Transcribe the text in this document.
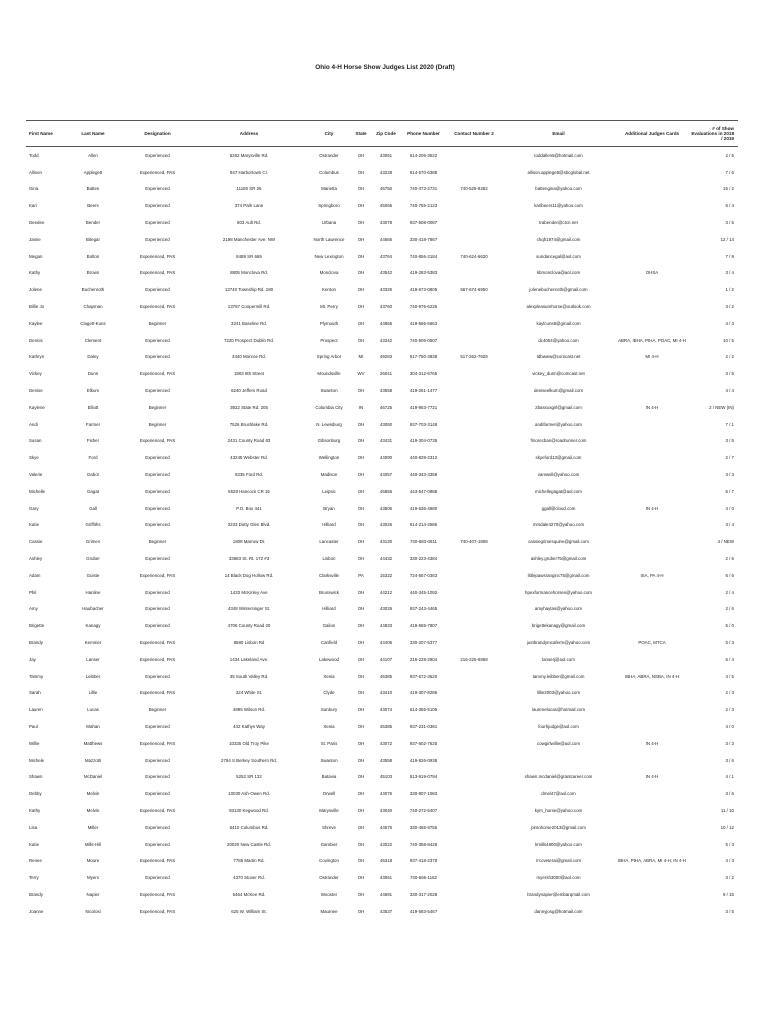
Ohio 4-H Horse Show Judges List 2020 (Draft)
First Name	Last Name	Designation	Address	City	State	Zip Code	Phone Number	Contact Number 2	Email	Additional Judges Cards	# of Show Evaluations in 2018 / 2019
Todd	Allen	Experienced	5262 Marysville Rd.	Ostrander	OH	43061	614-206-3522		toddallen5@hotmail.com		2 / 5
Allison	Applegett	Experienced, PAS	847 Harbortown Cr.	Columbus	OH	43228	614-570-6388		allison.applegett@sbcglobal.net		7 / 6
Gina	Batten	Experienced	11180 SR 26	Marietta	OH	45750	740-473-2731	740-525-8282	battengina@yahoo.com		15 / 2
Kari	Beers	Experienced	374 Park Lane	Springboro	OH	45066	740-755-2123		karibeers11@yahoo.com		6 / 4
Deedee	Bender	Experienced	803 Ault Rd.	Urbana	OH	43078	937-508-0087		trabender@ctcn.net		3 / 5
Jamie	Bitegar	Experienced	2198 Manchester Ave. NW	North Lawrence	OH	44666	330-418-7867		chqh1974@gmail.com		12 / 14
Megan	Bolton	Experienced, PAS	8489 SR 669	New Lexington	OH	43764	740-856-3184	740-624-6620	sundancegal@aol.com		7 / 8
Kathy	Brown	Experienced, PAS	8805 Monclova Rd.	Monclova	OH	43542	419-283-5383		kbmonclova@aol.com	OHSA	3 / 4
Jolene	Buchenroth	Experienced	13740 Township Rd. 180	Kenton	OH	43326	419-673-0805	567-674-6950	jolenebuchenroth@gmail.com		1 / 2
Billie Jo	Chapman	Experienced, PAS	13767 Coopermill Rd.	Mt. Perry	OH	43760	740-975-6226		alexpleasurehorse@outlook.com		3 / 2
Kaylee	Clagett-Kuns	Beginner	3241 Baseline Rd.	Plymouth	OH	44865	419-566-5663		kaylcuns8@gmail.com		4 / 3
Dennis	Clement	Experienced	7220 Prospect Dublin Rd.	Prospect	OH	43342	740-506-0507		dc4054@yahoo.com	ABRA, IBHA, PtHA, POAC, MI 4-H	10 / 5
Kathryn	Daley	Experienced	3440 Monroe Rd.	Spring Arbor	MI	49283	517-750-3938	517-262-7929	tdbwww@comcast.net	MI 4-H	2 / 2
Vickey	Dunn	Experienced, PAS	1903 8th Street	Moundsville	WV	26041	304-312-6765		vickey_dunn@comcast.net		3 / 5
Denise	Elkum	Experienced	6240 Jeffers Road	Swanton	OH	43558	419-261-1477		deniseelkum@gmail.com		4 / 4
Kaylene	Elliott	Beginner	3922 State Rd. 205	Columbia City	IN	46725	419-953-7721		2bassoxgirl@gmail.com	IN 4-H	2 / NEW (IN)
Andi	Farmer	Beginner	7526 Brushlake Rd.	N. Lewisburg	OH	43060	937-703-3148		andifarmer@yahoo.com		7 / 1
Susan	Fisher	Experienced, PAS	2431 County Road 83	Gibsonburg	OH	43431	419-304-0735		fmorecban@roadrunner.com		3 / 5
Skye	Ford	Experienced	43245 Webster Rd.	Wellington	OH	44090	440-829-2312		skyeford13@gmail.com		2 / 7
Valerie	Gabor	Experienced	5335 Ford Rd.	Madison	OH	44057	440-343-3358		vamwsll@yahoo.com		3 / 3
Michelle	Gagat	Experienced	6528 Hancock CR 16	Leipsic	OH	45856	443-547-0888		michellegagat@aol.com		5 / 7
Gary	Gall	Experienced	P.O. Box 441	Bryan	OH	43506	419-636-4980		ggall@cloud.com	IN 4-H	4 / 0
Katie	Griffiths	Experienced	3233 Dutty Glen Blvd.	Hilliard	OH	43026	614-214-2586		mrsdale4270@yahoo.com		3 / 4
Cassie	Grimes	Beginner	1808 Marrow Dr.	Lancaster	OH	43130	740-683-0811	740-407-1808	cassiegrimesquine@gmail.com		4 / NEW
Ashley	Gruber	Experienced	33683 St. Rt. 172 #3	Lisbon	OH	44432	330-223-4384		ashley.gruber75@gmail.com		2 / 6
Adam	Guiste	Experienced, PAS	14 Black Dog Hollow Rd.	Clarksville	PA	15322	724-557-0363		littlepawsranginc75@gmail.com	ISA, PA 4-H	6 / 6
Phil	Hanline	Experienced	1433 McKinley Ave	Brunswick	OH	44212	440-345-1092		hpexformancehorses@yahoo.com		2 / 4
Amy	Haubacher	Experienced	4348 Wintersinger St.	Hilliard	OH	43026	937-243-4465		amyhaytas@yahoo.com		2 / 6
Brigette	Kanagy	Experienced	4706 County Road 20	Galion	OH	44833	419-565-7807		brigettekanagy@gmail.com		5 / 0
Brandy	Kemmer	Experienced, PAS	8580 Lisbon Rd	Canfield	OH	44406	330-207-5377		justbrandymcaferm@yahoo.com	POAC, MTCA	5 / 3
Jay	Lanser	Experienced, PAS	1434 Lakeland Ave.	Lakewood	OH	44107	216-228-2904	216-225-6858	lanserj@aol.com		6 / 4
Tammy	Leibber	Experienced	35 South Valley Rd.	Xenia	OH	45385	937-672-3620		tammy.leibber@gmail.com	IBHA, ABRA, NSBA, IN 4-H	4 / 5
Sarah	Lillie	Experienced, PAS	324 White St.	Clyde	OH	43410	419-307-8286		lillie2003@yahoo.com		2 / 3
Lauren	Lucas	Beginner	4895 Wilson Rd.	Sunbury	OH	43074	614-355-5105		laurenelucas@hotmail.com		2 / 3
Paul	Mahan	Experienced	442 Kathys Way	Xenia	OH	45385	937-231-0381		fourhjudge@aol.com		4 / 0
Willie	Matthews	Experienced, PAS	10335 Old Troy Pike	St. Paris	OH	43072	937-602-7625		cowgirlwillie@aol.com	IN 4-H	3 / 3
Michele	Mazzotti	Experienced	2794 S Berkey Southern Rd.	Swanton	OH	43558	419-826-0938				3 / 6
Shawn	McDaniel	Experienced	5252 SR 132	Batavia	OH	45103	513-919-0794		shawn.mcdaniel@grantcareer.com	IN 4-H	4 / 1
Debby	Melvin	Experienced	10030 Ash-Owen Rd.	Orwell	OH	44076	330-807-1083		dmel47@aol.com		3 / 6
Kathy	Melvin	Experienced, PAS	93130 Kegwood Rd.	Marysville	OH	43040	740-272-5407		kym_horse@yahoo.com		11 / 10
Lisa	Miller	Experienced	6410 Columbus Rd.	Shreve	OH	44676	330-465-9755		pintohorse2013@gmail.com		10 / 12
Katie	Mills-Hill	Experienced	20020 New Castle Rd.	Gambier	OH	43022	740-358-8428		kmills4800@yahoo.com		5 / 3
Renee	Moore	Experienced, PAS	7785 Martin Rd.	Covington	OH	45318	937-418-2378		rrcoveterai@gmail.com	IBHA, PtHA, ABRA, MI 4-H, IN 4-H	4 / 3
Terry	Myers	Experienced	4370 Stover Rd.	Ostrander	OH	43061	740-666-1162		myersh3000@aol.com		3 / 2
Brandy	Napier	Experienced, PAS	5464 McKee Rd.	Wooster	OH	44691	330-317-2028		brandynapier@embarqmail.com		9 / 15
Joanne	Nicolosi	Experienced, PAS	625 W. William St.	Maumee	OH	43537	419-583-5467		dannyjosg@hotmail.com		3 / 5
